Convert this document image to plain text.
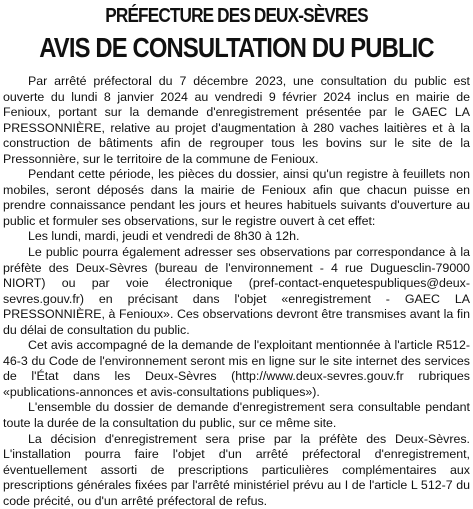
PRÉFECTURE DES DEUX-SÈVRES
AVIS DE CONSULTATION DU PUBLIC

Par arrêté préfectoral du 7 décembre 2023, une consultation du public est ouverte du lundi 8 janvier 2024 au vendredi 9 février 2024 inclus en mairie de Fenioux, portant sur la demande d'enregistrement présentée par le GAEC LA PRESSONNIÈRE, relative au projet d'augmentation à 280 vaches laitières et à la construction de bâtiments afin de regrouper tous les bovins sur le site de la Pressonnière, sur le territoire de la commune de Fenioux.

Pendant cette période, les pièces du dossier, ainsi qu'un registre à feuillets non mobiles, seront déposés dans la mairie de Fenioux afin que chacun puisse en prendre connaissance pendant les jours et heures habituels suivants d'ouverture au public et formuler ses observations, sur le registre ouvert à cet effet:

Les lundi, mardi, jeudi et vendredi de 8h30 à 12h.

Le public pourra également adresser ses observations par correspondance à la préfète des Deux-Sèvres (bureau de l'environnement - 4 rue Duguesclin-79000 NIORT) ou par voie électronique (pref-contact-enquetespubliques@deux-sevres.gouv.fr) en précisant dans l'objet «enregistrement - GAEC LA PRESSONNIÈRE, à Fenioux». Ces observations devront être transmises avant la fin du délai de consultation du public.

Cet avis accompagné de la demande de l'exploitant mentionnée à l'article R512-46-3 du Code de l'environnement seront mis en ligne sur le site internet des services de l'État dans les Deux-Sèvres (http://www.deux-sevres.gouv.fr rubriques «publications-annonces et avis-consultations publiques»).

L'ensemble du dossier de demande d'enregistrement sera consultable pendant toute la durée de la consultation du public, sur ce même site.

La décision d'enregistrement sera prise par la préfète des Deux-Sèvres. L'installation pourra faire l'objet d'un arrêté préfectoral d'enregistrement, éventuellement assorti de prescriptions particulières complémentaires aux prescriptions générales fixées par l'arrêté ministériel prévu au I de l'article L 512-7 du code précité, ou d'un arrêté préfectoral de refus.
